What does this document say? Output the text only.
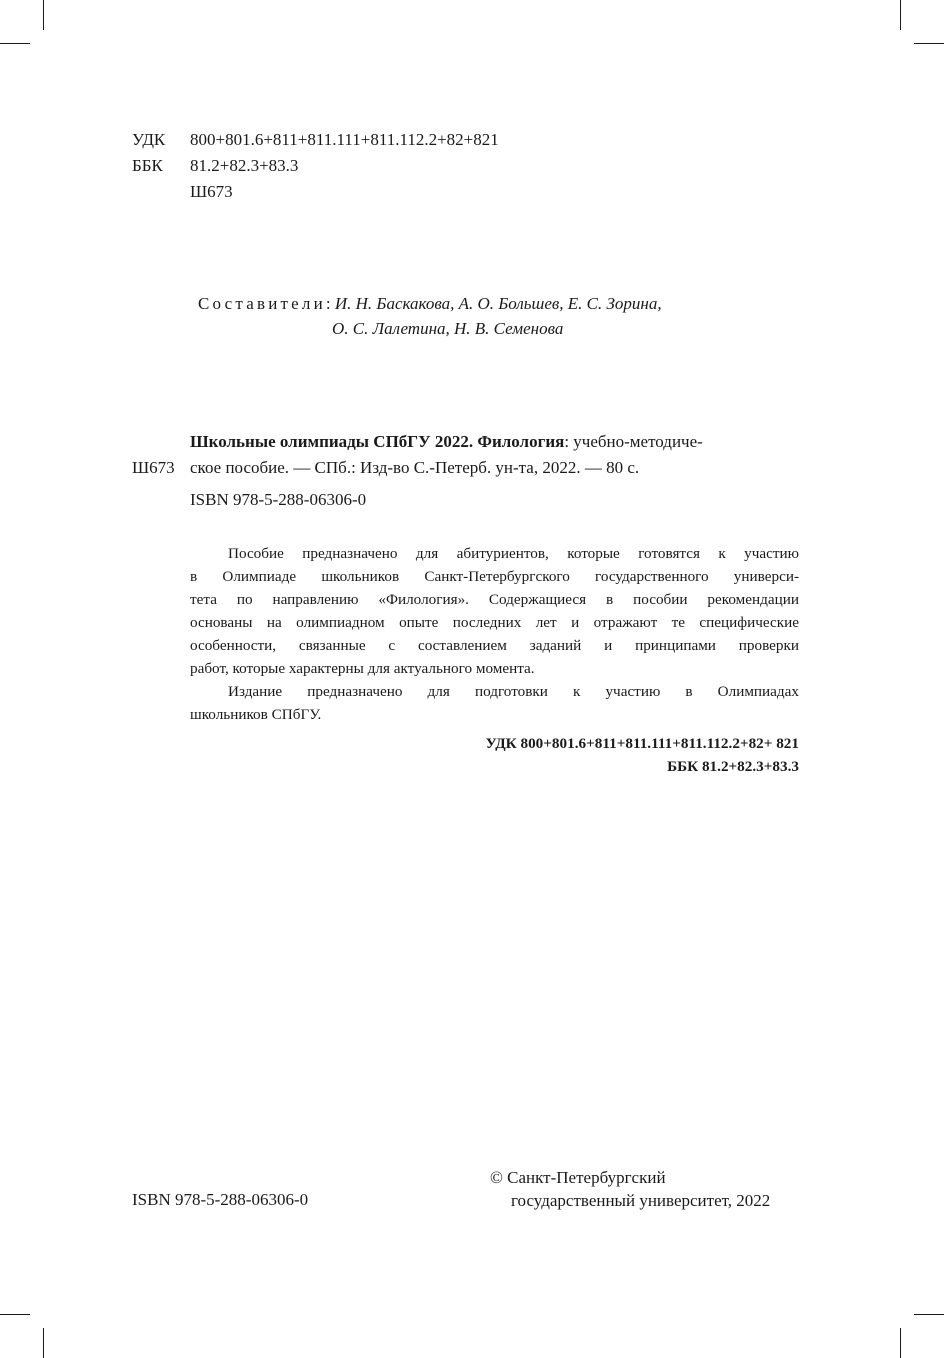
УДК 800+801.6+811+811.111+811.112.2+82+821
ББК 81.2+82.3+83.3
Ш673
Составители: И. Н. Баскакова, А. О. Большев, Е. С. Зорина,
О. С. Лалетина, Н. В. Семенова
Школьные олимпиады СПбГУ 2022. Филология: учебно-методиче-
Ш673 ское пособие. — СПб.: Изд-во С.-Петерб. ун-та, 2022. — 80 с.
ISBN 978-5-288-06306-0
Пособие предназначено для абитуриентов, которые готовятся к участию
в Олимпиаде школьников Санкт-Петербургского государственного универси-
тета по направлению «Филология». Содержащиеся в пособии рекомендации
основаны на олимпиадном опыте последних лет и отражают те специфические
особенности, связанные с составлением заданий и принципами проверки
работ, которые характерны для актуального момента.
Издание предназначено для подготовки к участию в Олимпиадах
школьников СПбГУ.
УДК 800+801.6+811+811.111+811.112.2+82+ 821
ББК 81.2+82.3+83.3
ISBN 978-5-288-06306-0
© Санкт-Петербургский
государственный университет, 2022
